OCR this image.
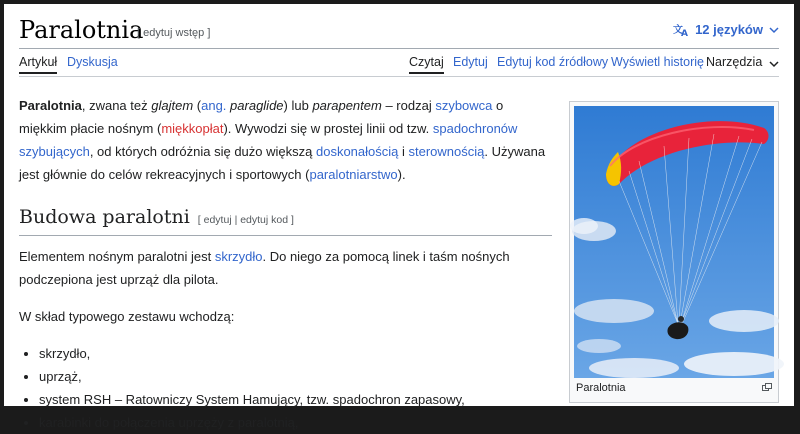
Paralotnia
[ edytuj wstęp ]	文
A 12 języków
Artykuł Dyskusja	Czytaj Edytuj Edytuj kod źródłowy Wyświetl historię Narzędzia

Paralotnia, zwana też glajtem (ang. paraglide) lub parapentem – rodzaj szybowca o miękkim płacie nośnym (miękkopłat). Wywodzi się w prostej linii od tzw. spadochronów szybujących, od których odróżnia się dużo większą doskonałością i sterownością. Używana jest głównie do celów rekreacyjnych i sportowych (paralotniarstwo).

Budowa paralotni [ edytuj | edytuj kod ]

Elementem nośnym paralotni jest skrzydło. Do niego za pomocą linek i taśm nośnych podczepiona jest uprząż dla pilota.

W skład typowego zestawu wchodzą:

• skrzydło,
• uprząż,
• system RSH – Ratowniczy System Hamujący, tzw. spadochron zapasowy,
• karabinki do połączenia uprzęży z paralotnią,
Paralotnia
